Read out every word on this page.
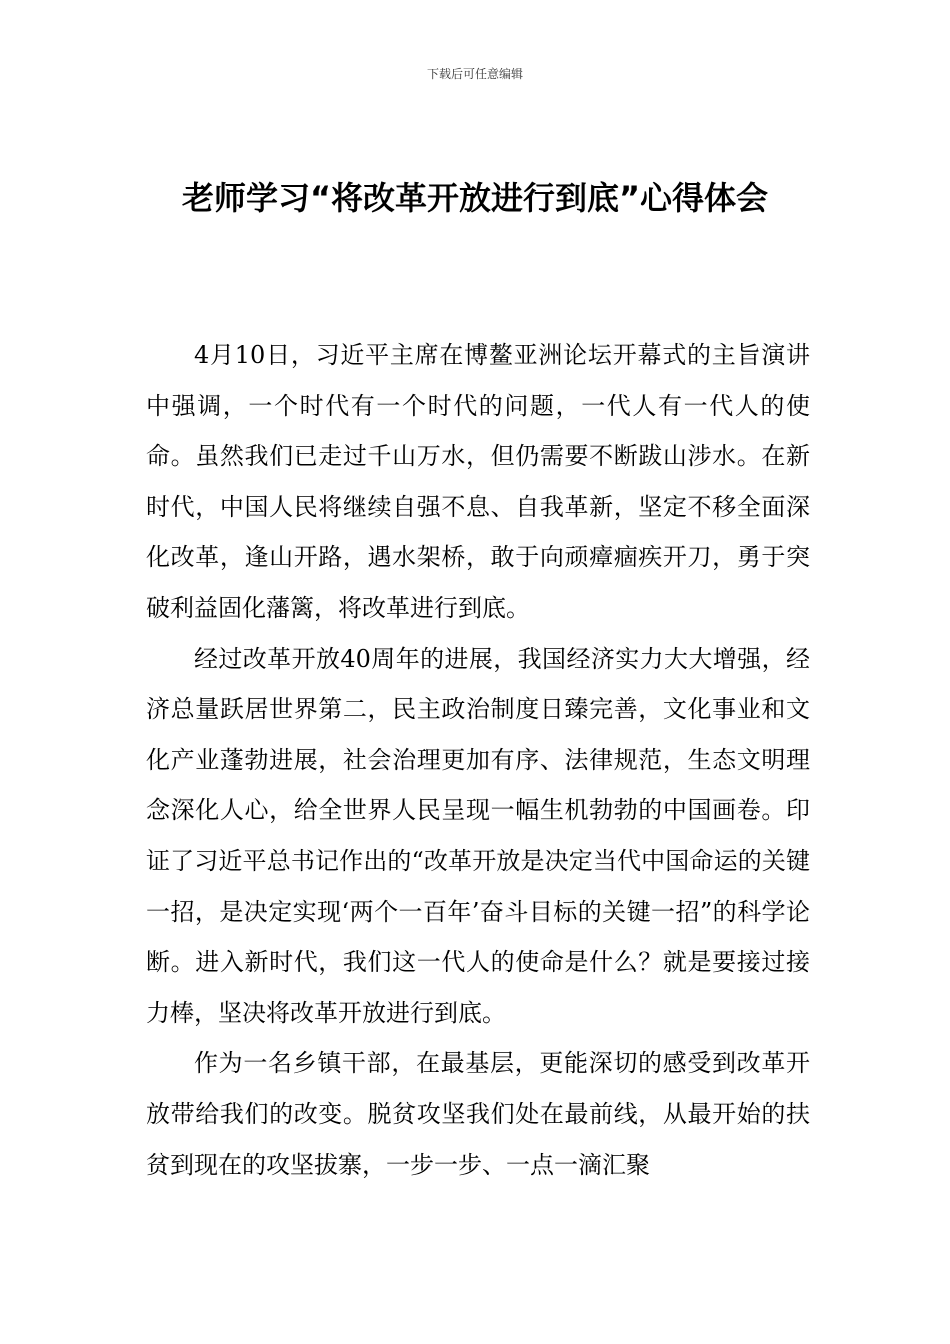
下载后可任意编辑
老师学习“将改革开放进行到底”心得体会

4月10日，习近平主席在博鳌亚洲论坛开幕式的主旨演讲中强调，一个时代有一个时代的问题，一代人有一代人的使命。虽然我们已走过千山万水，但仍需要不断跋山涉水。在新时代，中国人民将继续自强不息、自我革新，坚定不移全面深化改革，逢山开路，遇水架桥，敢于向顽瘴痼疾开刀，勇于突破利益固化藩篱，将改革进行到底。

经过改革开放40周年的进展，我国经济实力大大增强，经济总量跃居世界第二，民主政治制度日臻完善，文化事业和文化产业蓬勃进展，社会治理更加有序、法律规范，生态文明理念深化人心，给全世界人民呈现一幅生机勃勃的中国画卷。印证了习近平总书记作出的“改革开放是决定当代中国命运的关键一招，是决定实现‘两个一百年’奋斗目标的关键一招”的科学论断。进入新时代，我们这一代人的使命是什么？就是要接过接力棒，坚决将改革开放进行到底。

作为一名乡镇干部，在最基层，更能深切的感受到改革开放带给我们的改变。脱贫攻坚我们处在最前线，从最开始的扶贫到现在的攻坚拔寨，一步一步、一点一滴汇聚
